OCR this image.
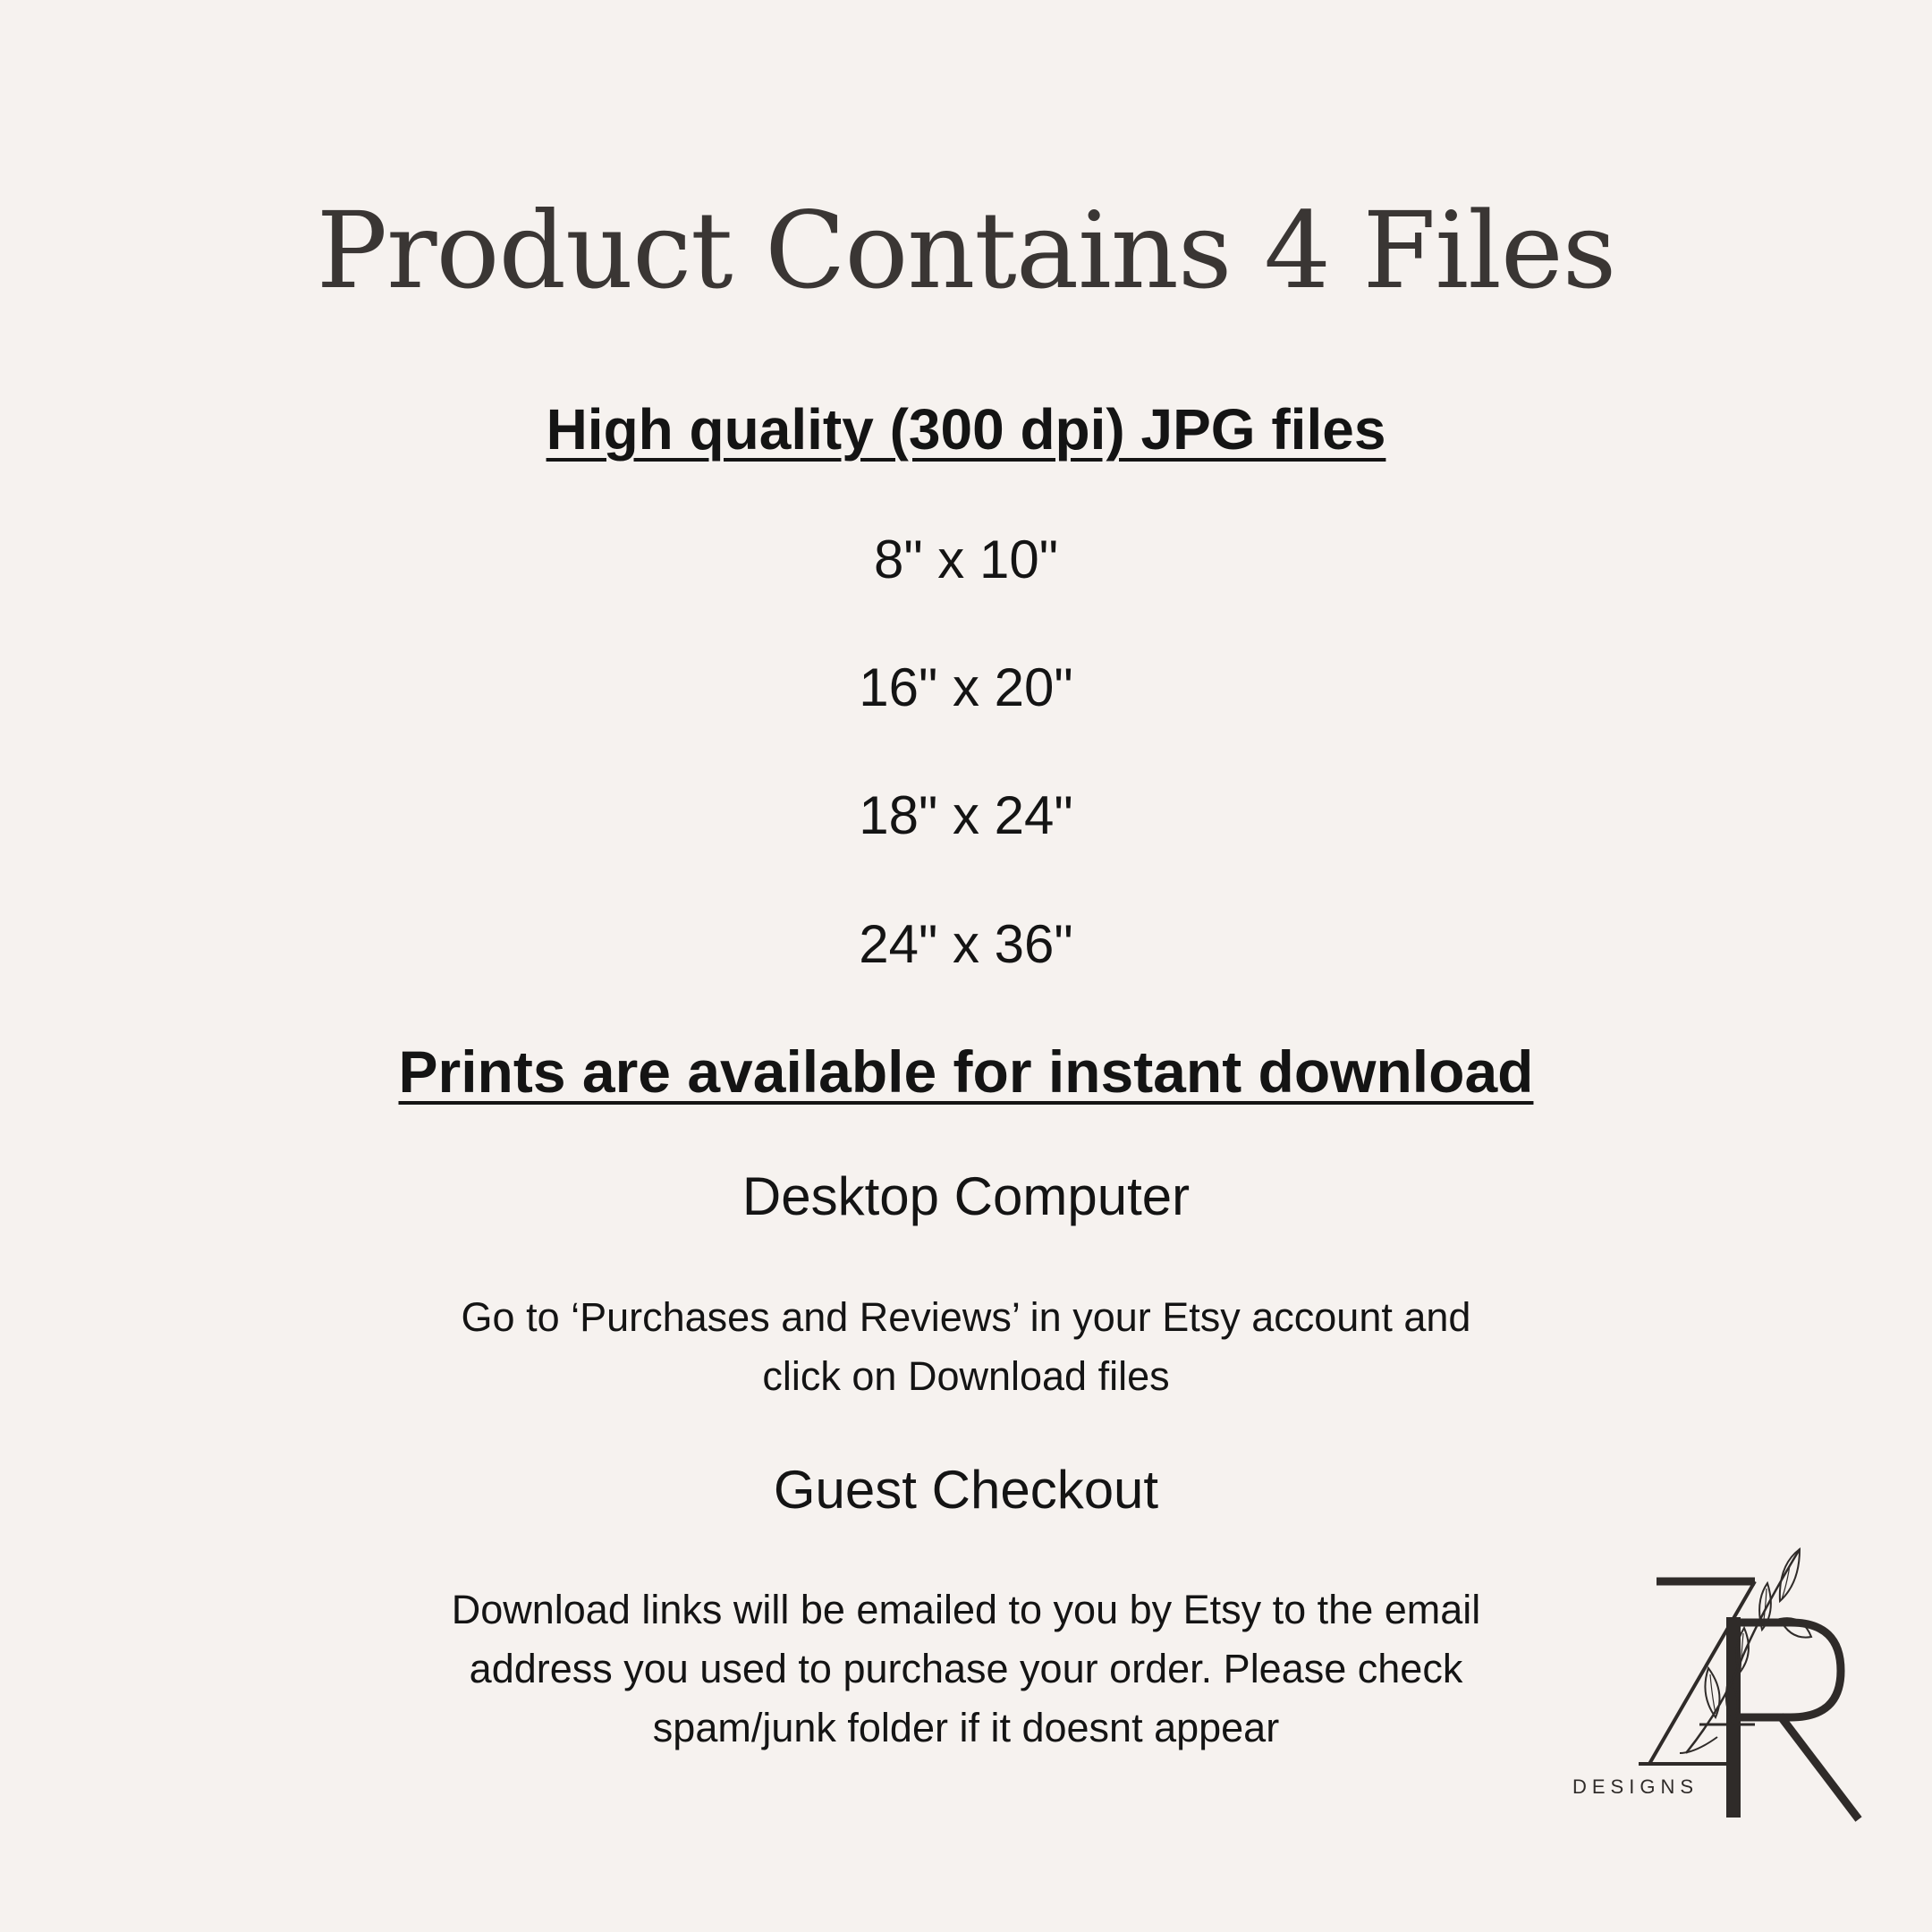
Product Contains 4 Files
High quality (300 dpi) JPG files
8" x 10"
16" x 20"
18" x 24"
24" x 36"
Prints are available for instant download
Desktop Computer
Go to ‘Purchases and Reviews’ in your Etsy account and
click on Download files
Guest Checkout
Download links will be emailed to you by Etsy to the email
address you used to purchase your order. Please check
spam/junk folder if it doesnt appear
DESIGNS
